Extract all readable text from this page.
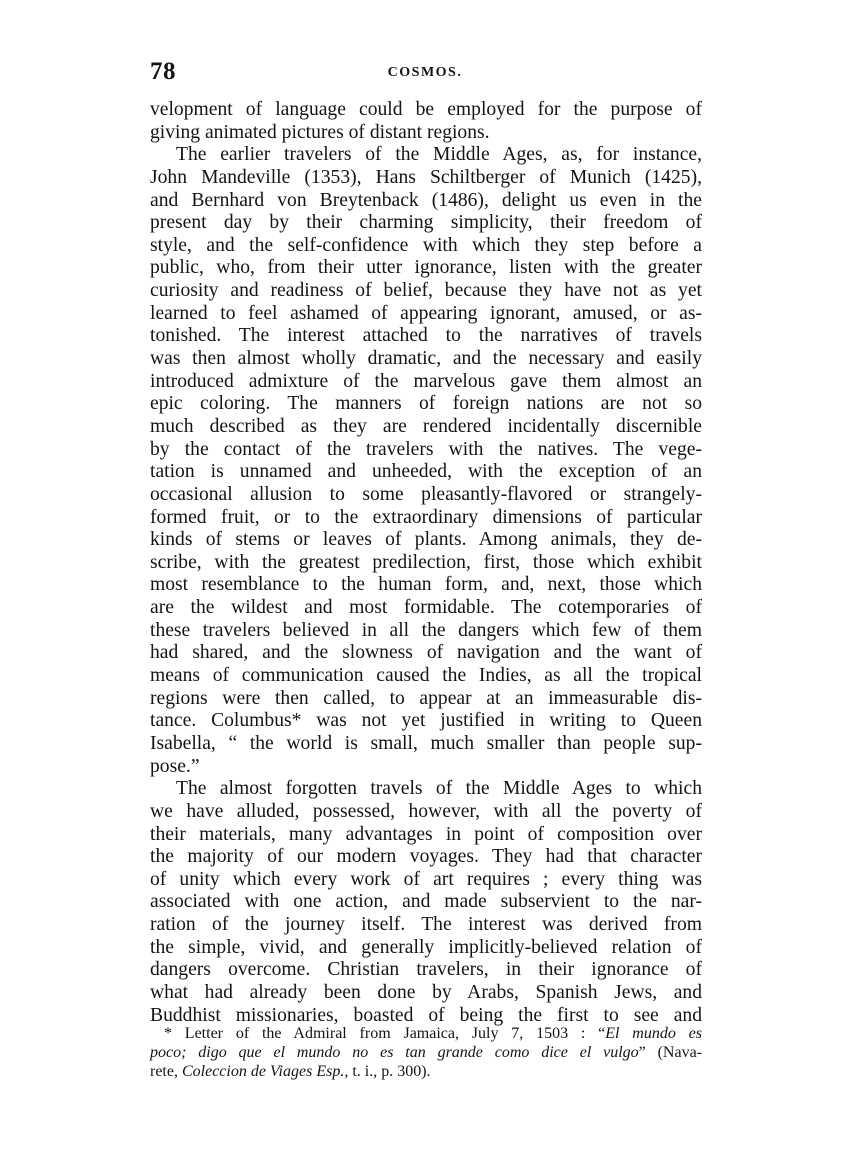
78	COSMOS.
velopment of language could be employed for the purpose of
giving animated pictures of distant regions.
The earlier travelers of the Middle Ages, as, for instance,
John Mandeville (1353), Hans Schiltberger of Munich (1425),
and Bernhard von Breytenback (1486), delight us even in the
present day by their charming simplicity, their freedom of
style, and the self-confidence with which they step before a
public, who, from their utter ignorance, listen with the greater
curiosity and readiness of belief, because they have not as yet
learned to feel ashamed of appearing ignorant, amused, or as-
tonished. The interest attached to the narratives of travels
was then almost wholly dramatic, and the necessary and easily
introduced admixture of the marvelous gave them almost an
epic coloring. The manners of foreign nations are not so
much described as they are rendered incidentally discernible
by the contact of the travelers with the natives. The vege-
tation is unnamed and unheeded, with the exception of an
occasional allusion to some pleasantly-flavored or strangely-
formed fruit, or to the extraordinary dimensions of particular
kinds of stems or leaves of plants. Among animals, they de-
scribe, with the greatest predilection, first, those which exhibit
most resemblance to the human form, and, next, those which
are the wildest and most formidable. The cotemporaries of
these travelers believed in all the dangers which few of them
had shared, and the slowness of navigation and the want of
means of communication caused the Indies, as all the tropical
regions were then called, to appear at an immeasurable dis-
tance. Columbus* was not yet justified in writing to Queen
Isabella, “ the world is small, much smaller than people sup-
pose.”
The almost forgotten travels of the Middle Ages to which
we have alluded, possessed, however, with all the poverty of
their materials, many advantages in point of composition over
the majority of our modern voyages. They had that character
of unity which every work of art requires ; every thing was
associated with one action, and made subservient to the nar-
ration of the journey itself. The interest was derived from
the simple, vivid, and generally implicitly-believed relation of
dangers overcome. Christian travelers, in their ignorance of
what had already been done by Arabs, Spanish Jews, and
Buddhist missionaries, boasted of being the first to see and
* Letter of the Admiral from Jamaica, July 7, 1503 : “El mundo es
poco; digo que el mundo no es tan grande como dice el vulgo” (Nava-
rete, Coleccion de Viages Esp., t. i., p. 300).
